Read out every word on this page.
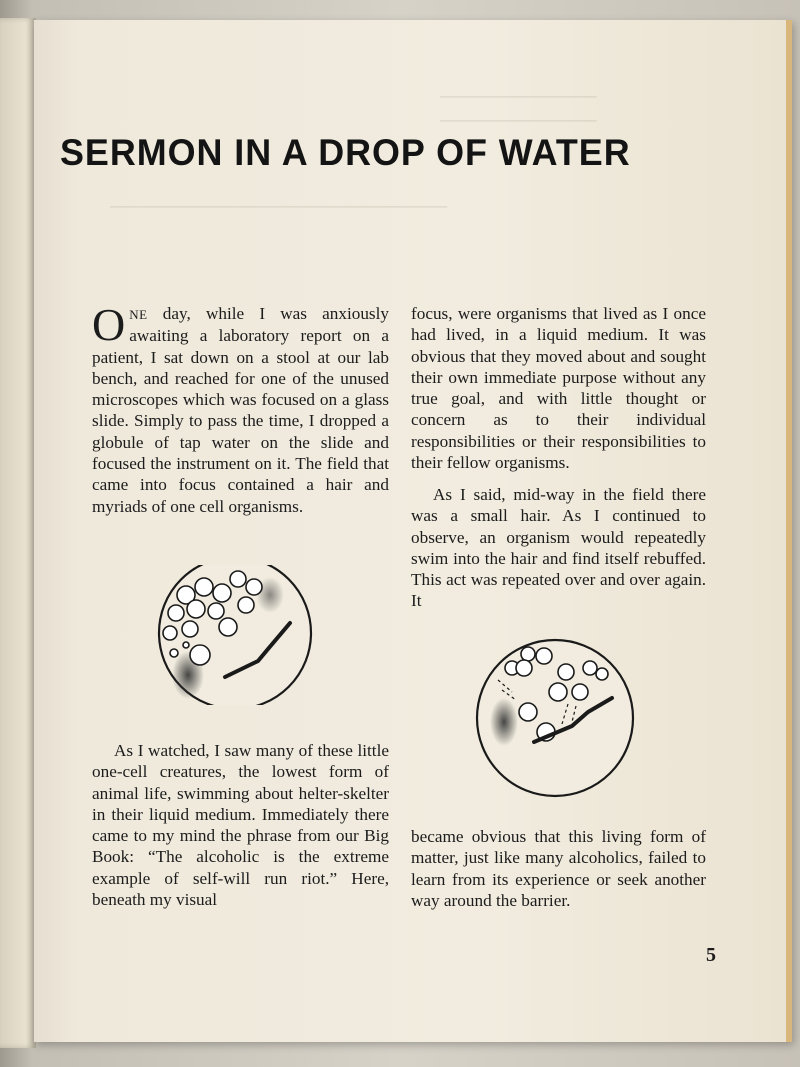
─────────────
─────────────
────────────────────────────
SERMON IN A DROP OF WATER

ONE day, while I was anxiously awaiting a laboratory report on a patient, I sat down on a stool at our lab bench, and reached for one of the unused microscopes which was focused on a glass slide. Simply to pass the time, I dropped a globule of tap water on the slide and focused the instrument on it. The field that came into focus contained a hair and myriads of one cell organisms.

focus, were organisms that lived as I once had lived, in a liquid medium. It was obvious that they moved about and sought their own immediate purpose without any true goal, and with little thought or concern as to their individual responsibilities or their responsibilities to their fellow organisms.

As I said, mid-way in the field there was a small hair. As I continued to observe, an organism would repeatedly swim into the hair and find itself rebuffed. This act was repeated over and over again. It

As I watched, I saw many of these little one-cell creatures, the lowest form of animal life, swimming about helter-skelter in their liquid medium. Immediately there came to my mind the phrase from our Big Book: “The alcoholic is the extreme example of self-will run riot.” Here, beneath my visual

became obvious that this living form of matter, just like many alcoholics, failed to learn from its experience or seek another way around the barrier.

5
